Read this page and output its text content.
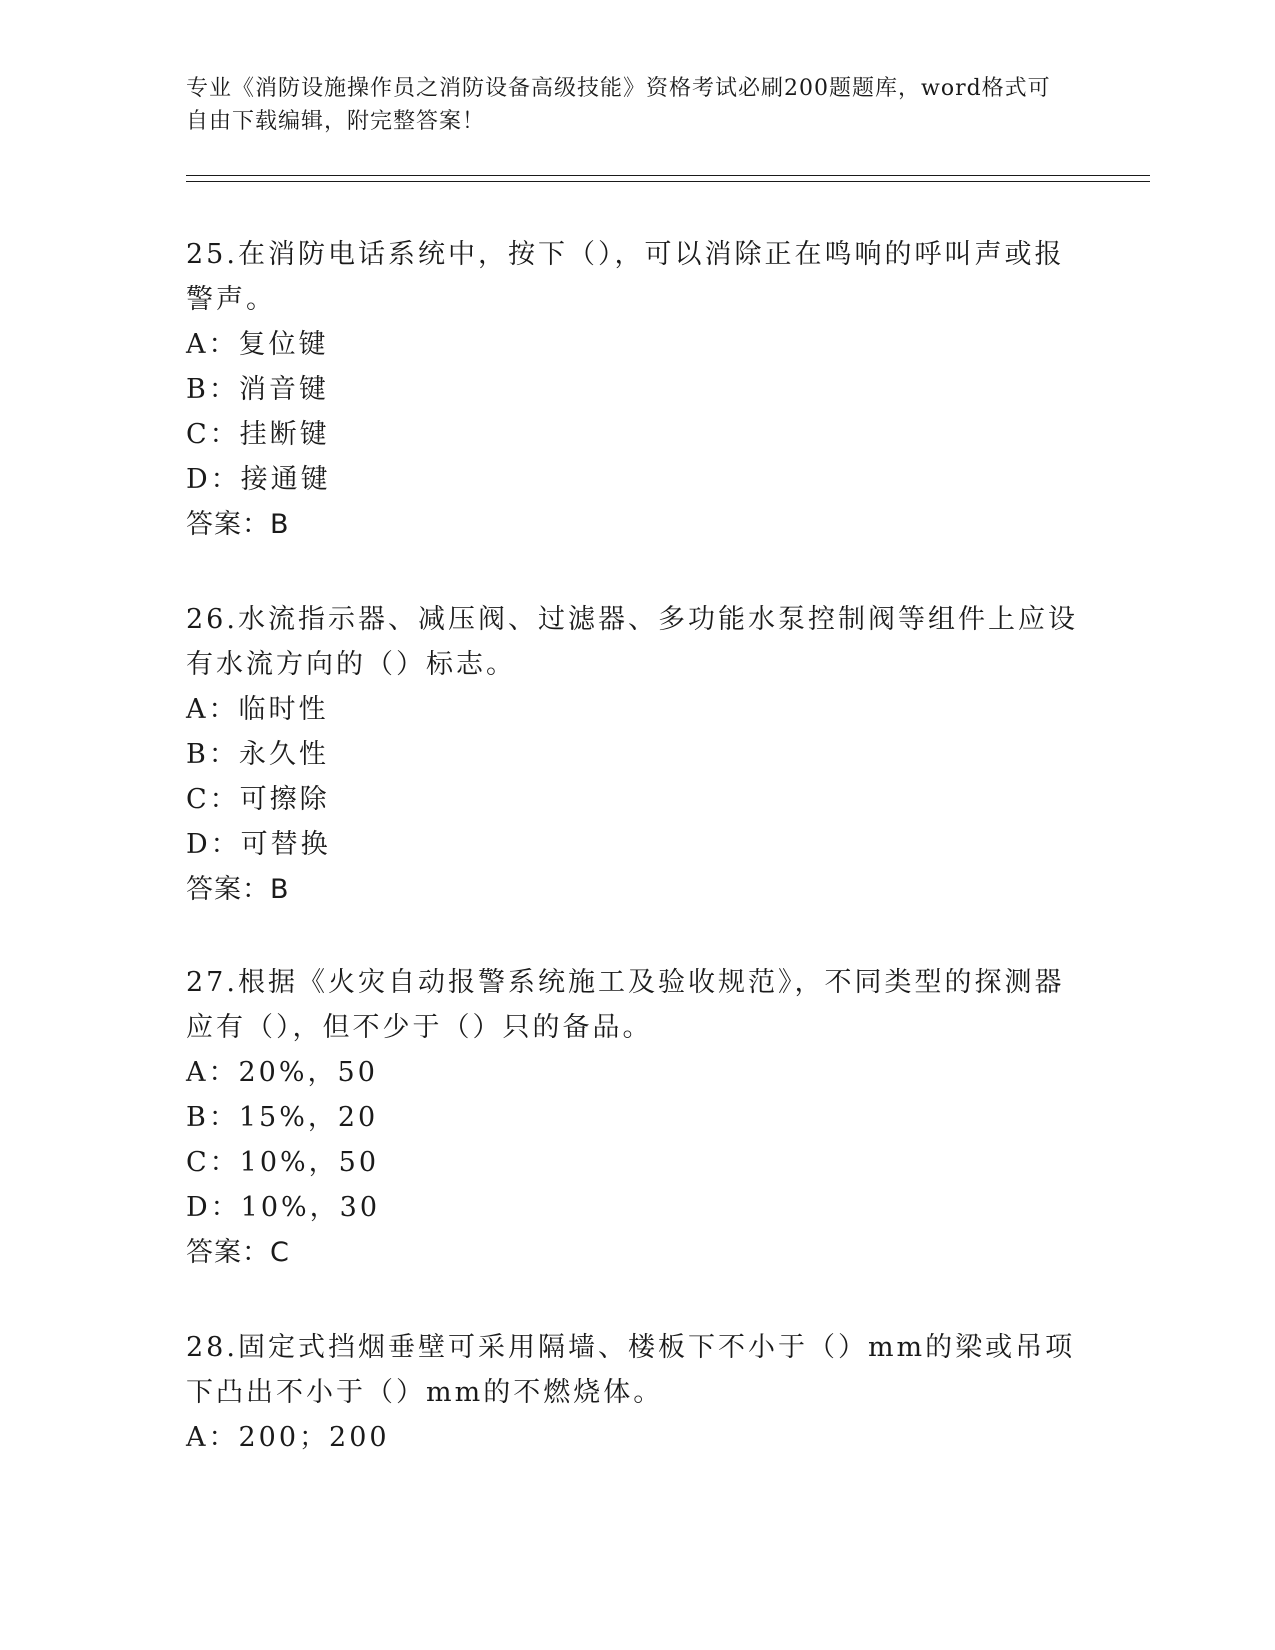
专业《消防设施操作员之消防设备高级技能》资格考试必刷200题题库，word格式可自由下载编辑，附完整答案！

25.在消防电话系统中，按下（），可以消除正在鸣响的呼叫声或报警声。

A：复位键

B：消音键

C：挂断键

D：接通键

答案：B

26.水流指示器、减压阀、过滤器、多功能水泵控制阀等组件上应设有水流方向的（）标志。

A：临时性

B：永久性

C：可擦除

D：可替换

答案：B

27.根据《火灾自动报警系统施工及验收规范》，不同类型的探测器应有（），但不少于（）只的备品。

A：20%，50

B：15%，20

C：10%，50

D：10%，30

答案：C

28.固定式挡烟垂壁可采用隔墙、楼板下不小于（）mm的梁或吊项下凸出不小于（）mm的不燃烧体。

A：200；200
